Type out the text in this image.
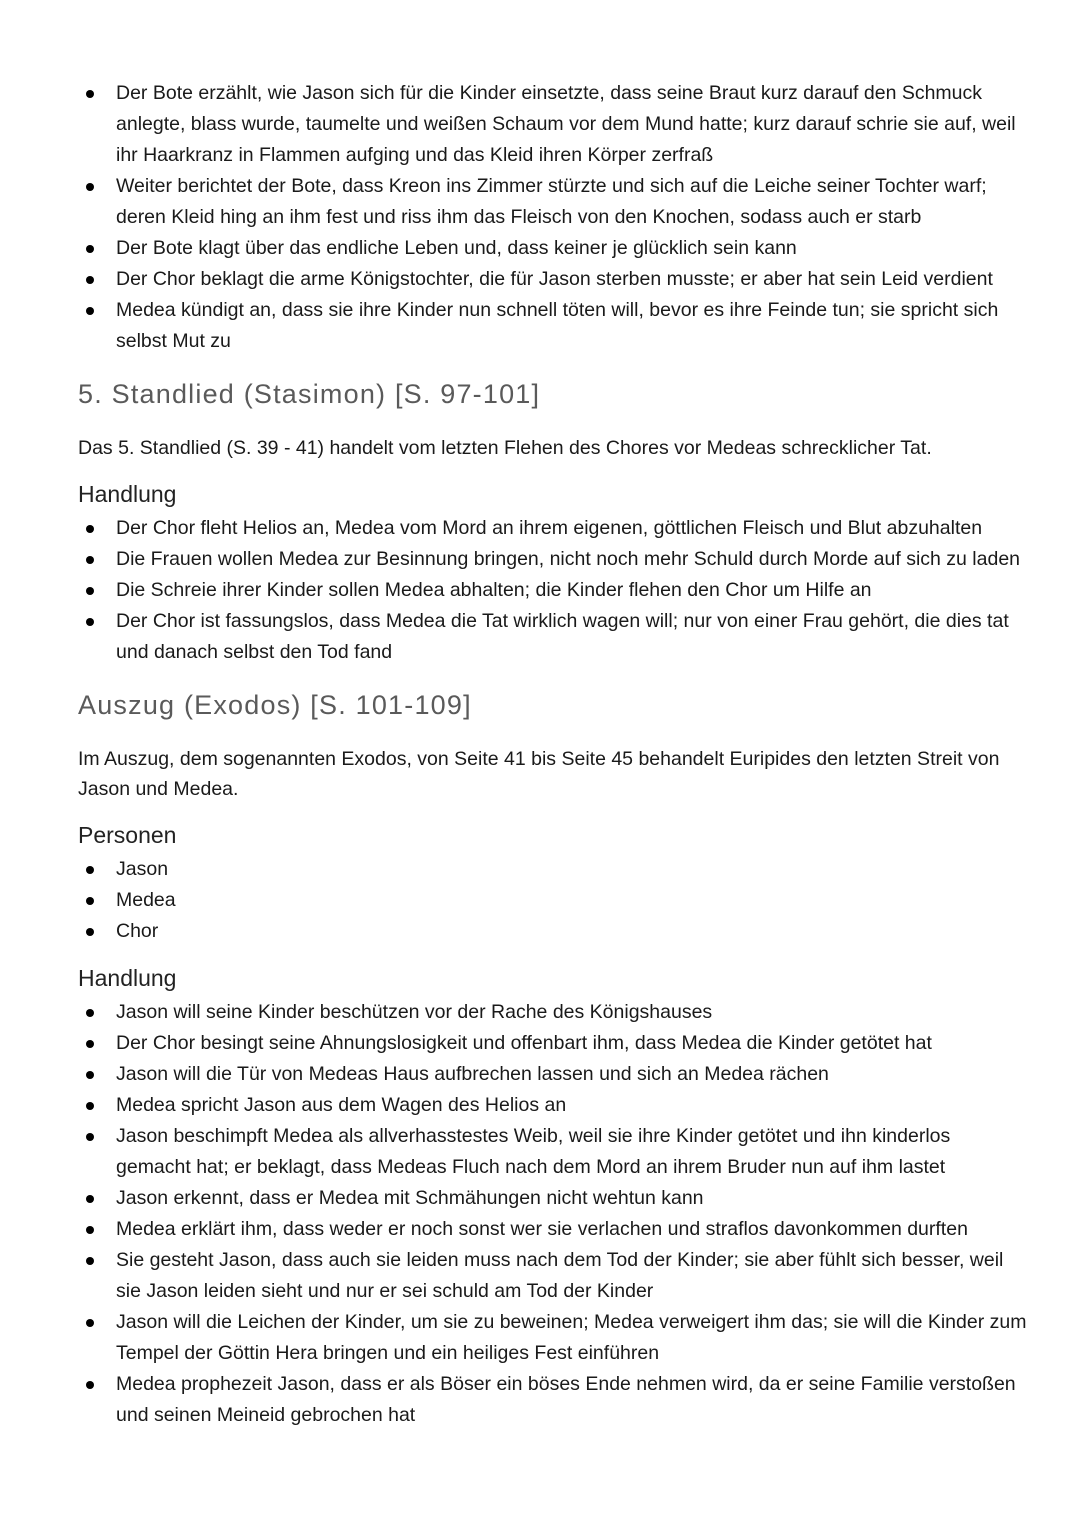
Der Bote erzählt, wie Jason sich für die Kinder einsetzte, dass seine Braut kurz darauf den Schmuck anlegte, blass wurde, taumelte und weißen Schaum vor dem Mund hatte; kurz darauf schrie sie auf, weil ihr Haarkranz in Flammen aufging und das Kleid ihren Körper zerfraß
Weiter berichtet der Bote, dass Kreon ins Zimmer stürzte und sich auf die Leiche seiner Tochter warf; deren Kleid hing an ihm fest und riss ihm das Fleisch von den Knochen, sodass auch er starb
Der Bote klagt über das endliche Leben und, dass keiner je glücklich sein kann
Der Chor beklagt die arme Königstochter, die für Jason sterben musste; er aber hat sein Leid verdient
Medea kündigt an, dass sie ihre Kinder nun schnell töten will, bevor es ihre Feinde tun; sie spricht sich selbst Mut zu
5. Standlied (Stasimon) [S. 97-101]

Das 5. Standlied (S. 39 - 41) handelt vom letzten Flehen des Chores vor Medeas schrecklicher Tat.

Handlung
Der Chor fleht Helios an, Medea vom Mord an ihrem eigenen, göttlichen Fleisch und Blut abzuhalten
Die Frauen wollen Medea zur Besinnung bringen, nicht noch mehr Schuld durch Morde auf sich zu laden
Die Schreie ihrer Kinder sollen Medea abhalten; die Kinder flehen den Chor um Hilfe an
Der Chor ist fassungslos, dass Medea die Tat wirklich wagen will; nur von einer Frau gehört, die dies tat und danach selbst den Tod fand
Auszug (Exodos) [S. 101-109]

Im Auszug, dem sogenannten Exodos, von Seite 41 bis Seite 45 behandelt Euripides den letzten Streit von Jason und Medea.

Personen
Jason
Medea
Chor
Handlung
Jason will seine Kinder beschützen vor der Rache des Königshauses
Der Chor besingt seine Ahnungslosigkeit und offenbart ihm, dass Medea die Kinder getötet hat
Jason will die Tür von Medeas Haus aufbrechen lassen und sich an Medea rächen
Medea spricht Jason aus dem Wagen des Helios an
Jason beschimpft Medea als allverhasstestes Weib, weil sie ihre Kinder getötet und ihn kinderlos gemacht hat; er beklagt, dass Medeas Fluch nach dem Mord an ihrem Bruder nun auf ihm lastet
Jason erkennt, dass er Medea mit Schmähungen nicht wehtun kann
Medea erklärt ihm, dass weder er noch sonst wer sie verlachen und straflos davonkommen durften
Sie gesteht Jason, dass auch sie leiden muss nach dem Tod der Kinder; sie aber fühlt sich besser, weil sie Jason leiden sieht und nur er sei schuld am Tod der Kinder
Jason will die Leichen der Kinder, um sie zu beweinen; Medea verweigert ihm das; sie will die Kinder zum Tempel der Göttin Hera bringen und ein heiliges Fest einführen
Medea prophezeit Jason, dass er als Böser ein böses Ende nehmen wird, da er seine Familie verstoßen und seinen Meineid gebrochen hat
